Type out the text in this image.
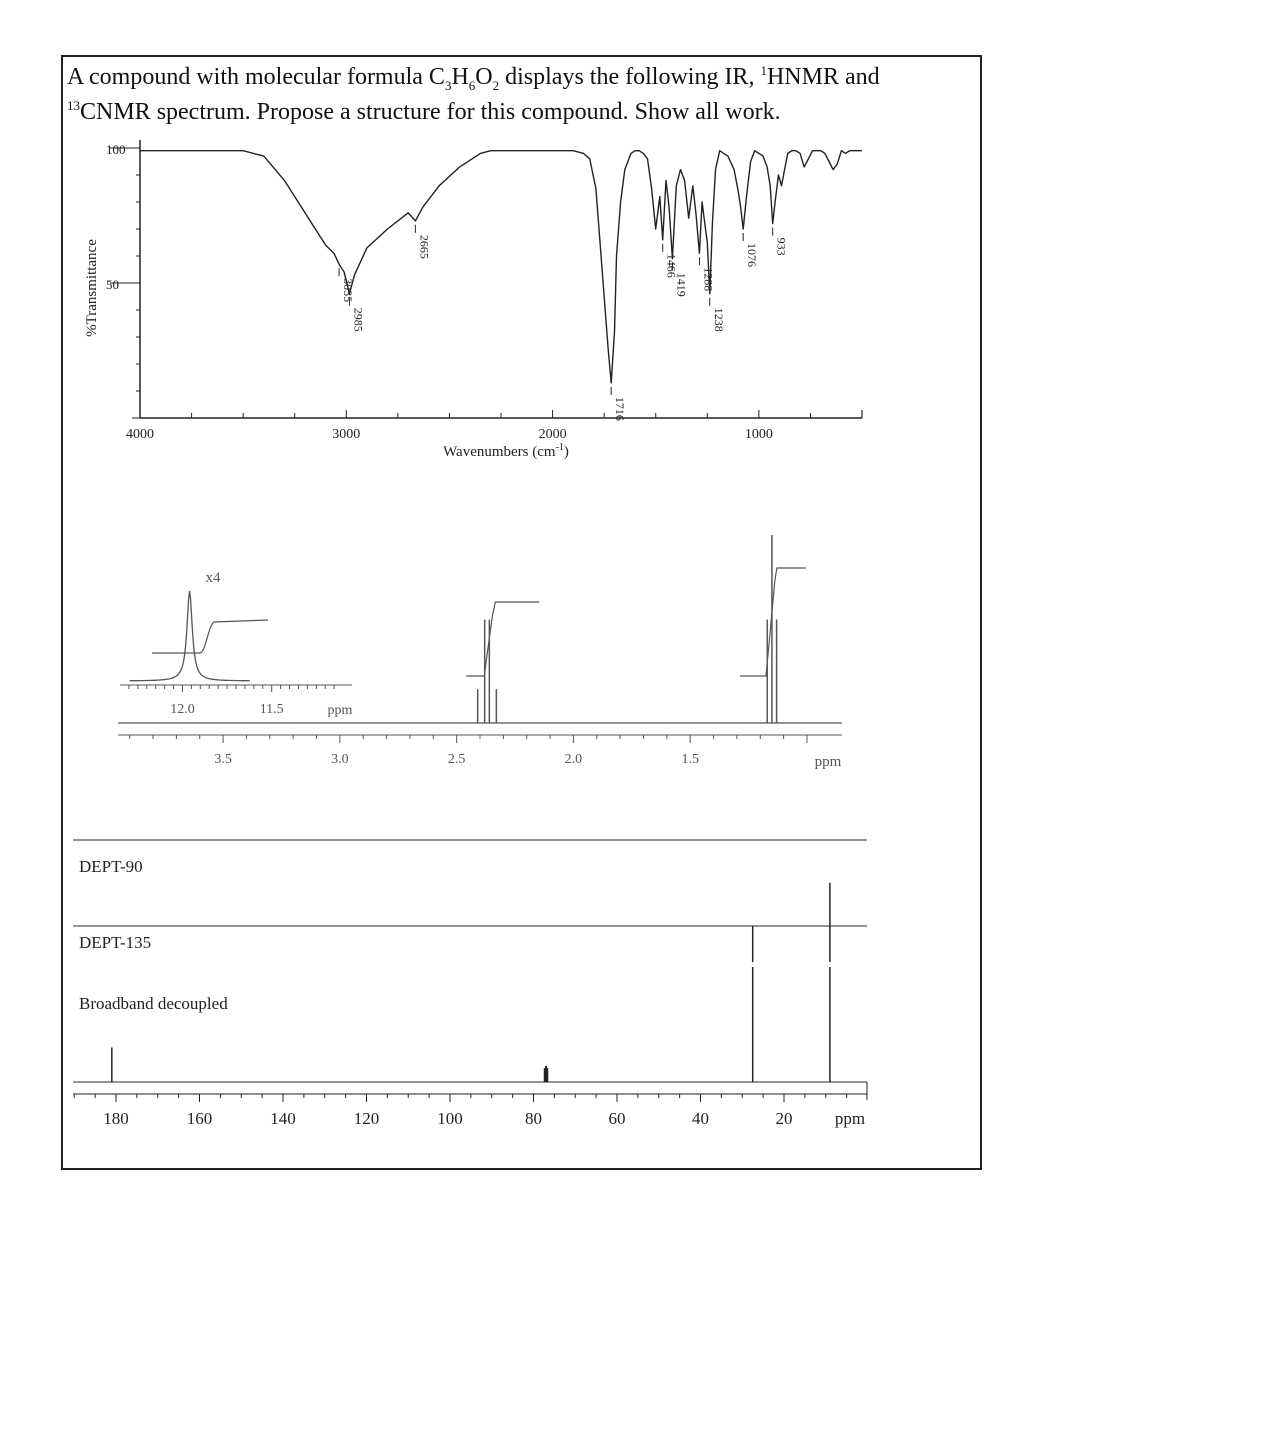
A compound with molecular formula $C_3H_6O_2$ displays the following IR, $^1$HNMR and
$^{13}$CNMR spectrum. Propose a structure for this compound. Show all work.

100
50
4000	3000	2000	1000
Wavenumbers $(cm^{-1})$
%Transmittance	3035
2985
2665
1716
1466
1419 1288
1238
1076 933
3.5	3.0	2.5	2.0	1.5	ppm
12.0	11.5	ppm
x4
180	160	140	120	100	80	60	40	20 ppm
DEPT-90
DEPT-135
Broadband decoupled
